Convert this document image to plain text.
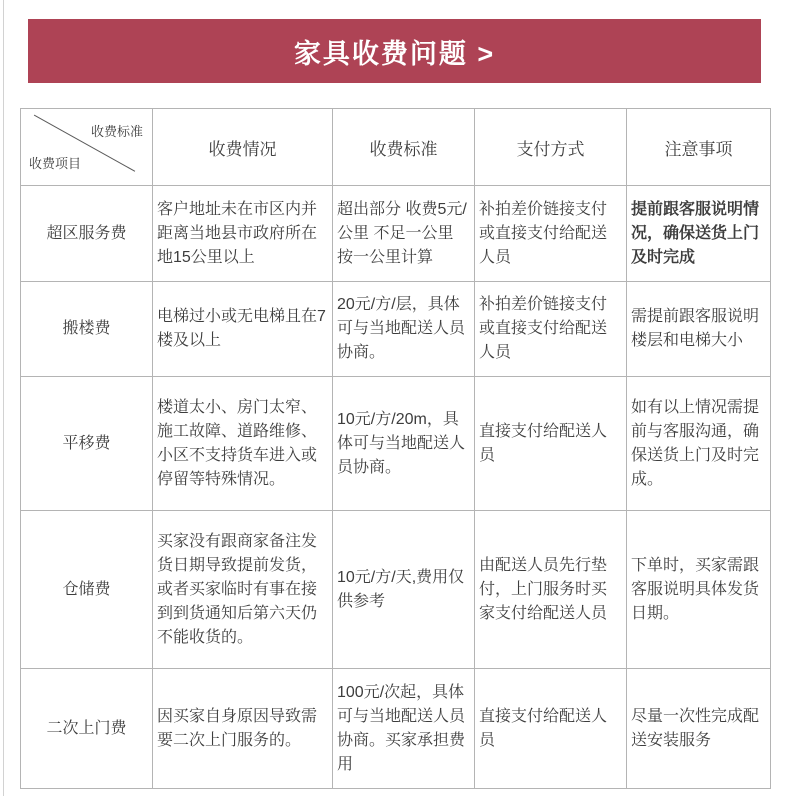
家具收费问题 >
收费标准
收费项目	收费情况	收费标准	支付方式	注意事项
超区服务费	客户地址未在市区内并距离当地县市政府所在地15公里以上	超出部分 收费5元/公里 不足一公里按一公里计算	补拍差价链接支付或直接支付给配送人员	提前跟客服说明情况，确保送货上门及时完成
搬楼费	电梯过小或无电梯且在7楼及以上	20元/方/层，具体可与当地配送人员协商。	补拍差价链接支付或直接支付给配送人员	需提前跟客服说明楼层和电梯大小
平移费	楼道太小、房门太窄、施工故障、道路维修、小区不支持货车进入或停留等特殊情况。	10元/方/20m，具体可与当地配送人员协商。	直接支付给配送人员	如有以上情况需提前与客服沟通，确保送货上门及时完成。
仓储费	买家没有跟商家备注发货日期导致提前发货，或者买家临时有事在接到到货通知后第六天仍不能收货的。	10元/方/天,费用仅供参考	由配送人员先行垫付，上门服务时买家支付给配送人员	下单时，买家需跟客服说明具体发货日期。
二次上门费	因买家自身原因导致需要二次上门服务的。	100元/次起，具体可与当地配送人员协商。买家承担费用	直接支付给配送人员	尽量一次性完成配送安装服务
